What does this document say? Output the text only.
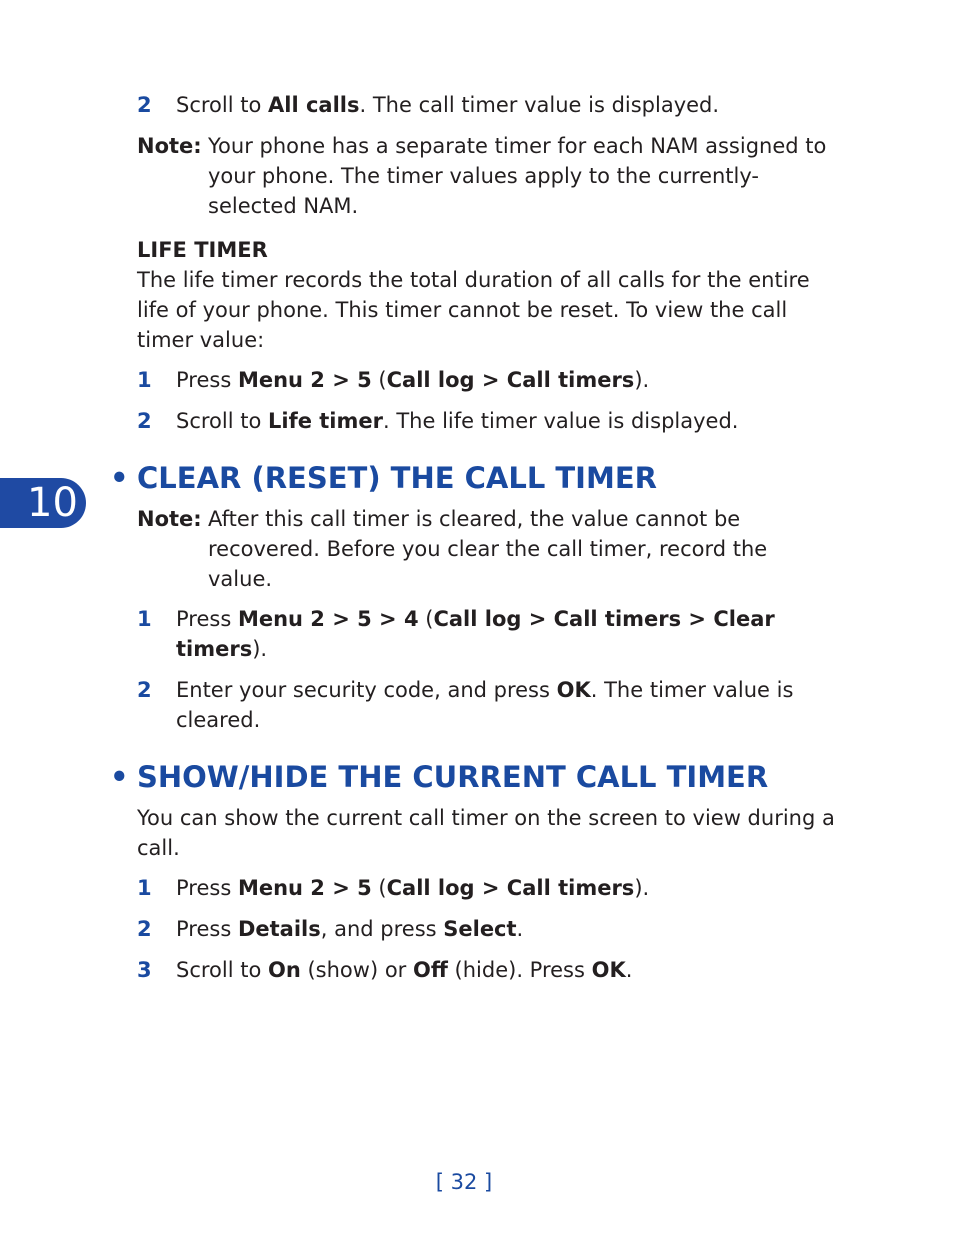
10
2	Scroll to All calls. The call timer value is displayed.
Note: Your phone has a separate timer for each NAM assigned to your phone. The timer values apply to the currently-selected NAM.
LIFE TIMER
The life timer records the total duration of all calls for the entire life of your phone. This timer cannot be reset. To view the call timer value:
1	Press Menu 2 > 5 (Call log > Call timers).
2	Scroll to Life timer. The life timer value is displayed.
• CLEAR (RESET) THE CALL TIMER
Note: After this call timer is cleared, the value cannot be recovered. Before you clear the call timer, record the value.
1	Press Menu 2 > 5 > 4 (Call log > Call timers > Clear timers).
2	Enter your security code, and press OK. The timer value is cleared.
• SHOW/HIDE THE CURRENT CALL TIMER
You can show the current call timer on the screen to view during a call.
1	Press Menu 2 > 5 (Call log > Call timers).
2	Press Details, and press Select.
3	Scroll to On (show) or Off (hide). Press OK.
[ 32 ]
